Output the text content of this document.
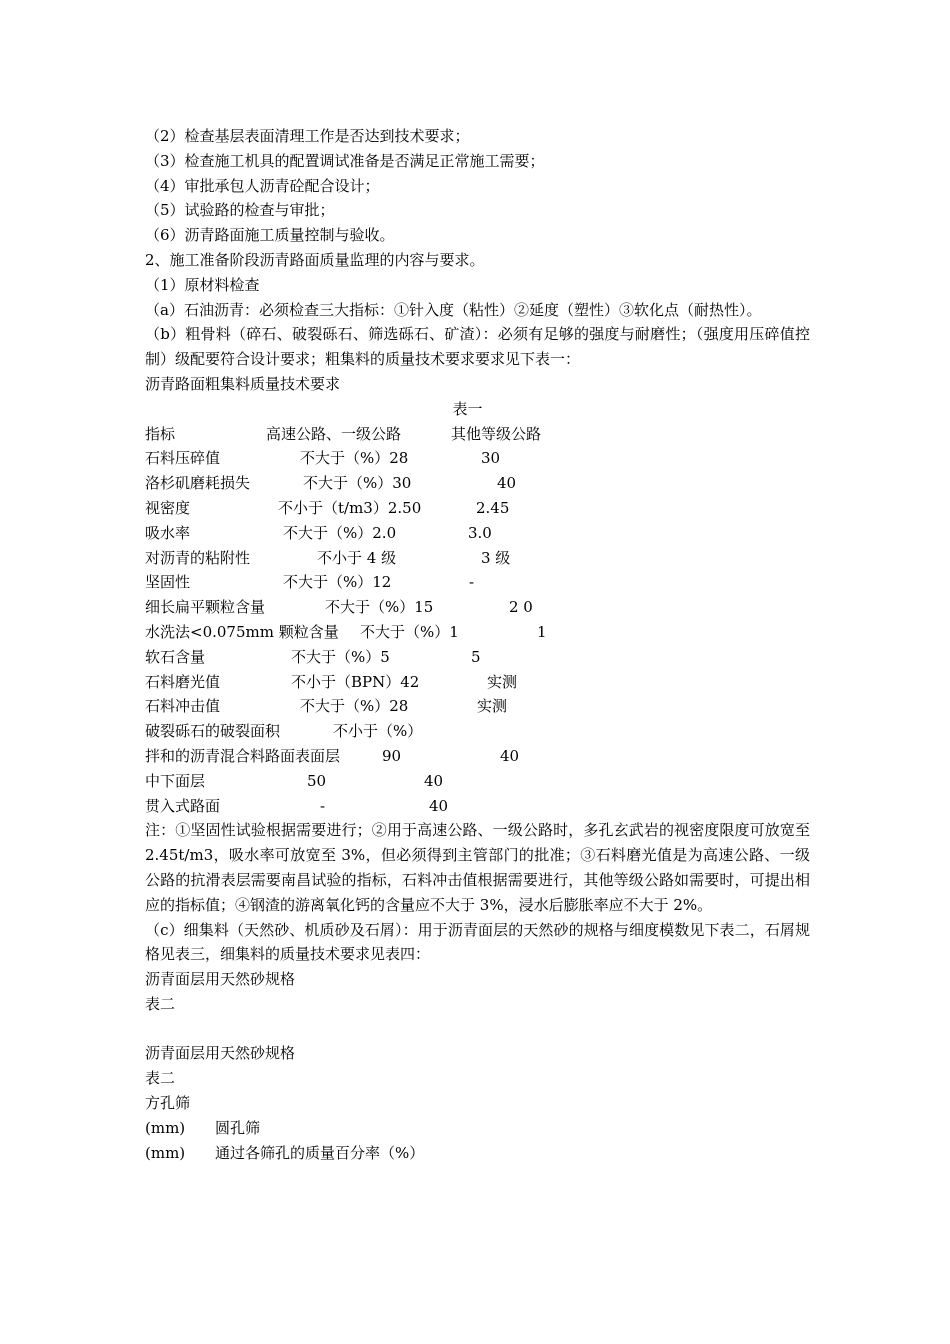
（2）检查基层表面清理工作是否达到技术要求；
（3）检查施工机具的配置调试准备是否满足正常施工需要；
（4）审批承包人沥青砼配合设计；
（5）试验路的检查与审批；
（6）沥青路面施工质量控制与验收。
2、施工准备阶段沥青路面质量监理的内容与要求。
（1）原材料检查
（a）石油沥青：必须检查三大指标：①针入度（粘性）②延度（塑性）③软化点（耐热性）。
（b）粗骨料（碎石、破裂砾石、筛选砾石、矿渣）：必须有足够的强度与耐磨性；（强度用压碎值控制）级配要符合设计要求；粗集料的质量技术要求要求见下表一：
沥青路面粗集料质量技术要求
表一
指标	高速公路、一级公路	其他等级公路
石料压碎值	不大于（%）28	30
洛杉矶磨耗损失	不大于（%）30	40
视密度	不小于（t/m3）2.50	2.45
吸水率	不大于（%）2.0	3.0
对沥青的粘附性	不小于 4 级	3 级
坚固性	不大于（%）12	-
细长扁平颗粒含量	不大于（%）15	2 0
水洗法<0.075mm 颗粒含量 不大于（%）1	1
软石含量	不大于（%）5	5
石料磨光值	不小于（BPN）42	实测
石料冲击值	不大于（%）28	实测
破裂砾石的破裂面积	不小于（%）
拌和的沥青混合料路面表面层	90	40
中下面层	50	40
贯入式路面	-	40
注：①坚固性试验根据需要进行；②用于高速公路、一级公路时，多孔玄武岩的视密度限度可放宽至 2.45t/m3，吸水率可放宽至 3%，但必须得到主管部门的批准；③石料磨光值是为高速公路、一级公路的抗滑表层需要南昌试验的指标，石料冲击值根据需要进行，其他等级公路如需要时，可提出相应的指标值；④钢渣的游离氧化钙的含量应不大于 3%，浸水后膨胀率应不大于 2%。
（c）细集料（天然砂、机质砂及石屑）：用于沥青面层的天然砂的规格与细度模数见下表二，石屑规格见表三，细集料的质量技术要求见表四：
沥青面层用天然砂规格
表二
沥青面层用天然砂规格
表二
方孔筛
(mm) 圆孔筛
(mm) 通过各筛孔的质量百分率（%）
